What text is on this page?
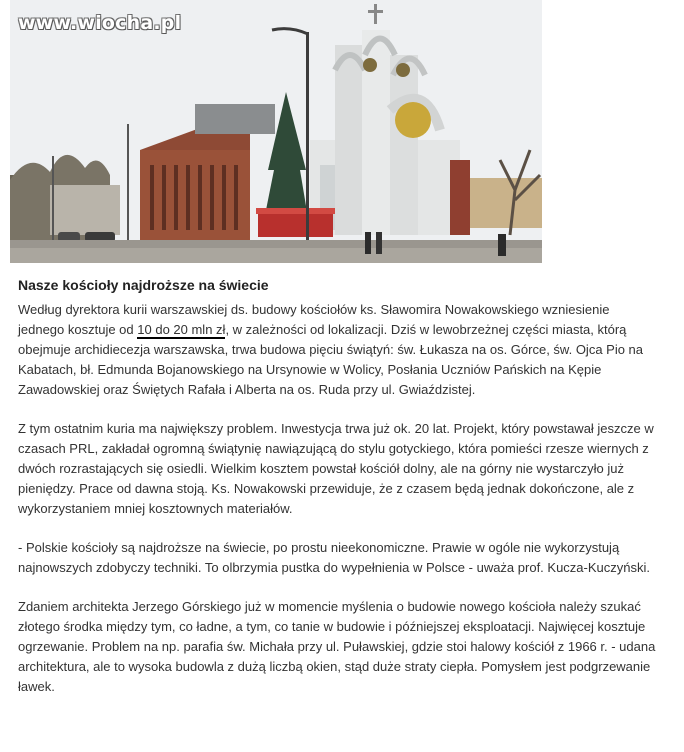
www.wiocha.pl
Nasze kościoły najdroższe na świecie

Według dyrektora kurii warszawskiej ds. budowy kościołów ks. Sławomira Nowakowskiego wzniesienie jednego kosztuje od 10 do 20 mln zł, w zależności od lokalizacji. Dziś w lewobrzeżnej części miasta, którą obejmuje archidiecezja warszawska, trwa budowa pięciu świątyń: św. Łukasza na os. Górce, św. Ojca Pio na Kabatach, bł. Edmunda Bojanowskiego na Ursynowie w Wolicy, Posłania Uczniów Pańskich na Kępie Zawadowskiej oraz Świętych Rafała i Alberta na os. Ruda przy ul. Gwiaździstej.

Z tym ostatnim kuria ma największy problem. Inwestycja trwa już ok. 20 lat. Projekt, który powstawał jeszcze w czasach PRL, zakładał ogromną świątynię nawiązującą do stylu gotyckiego, która pomieści rzesze wiernych z dwóch rozrastających się osiedli. Wielkim kosztem powstał kościół dolny, ale na górny nie wystarczyło już pieniędzy. Prace od dawna stoją. Ks. Nowakowski przewiduje, że z czasem będą jednak dokończone, ale z wykorzystaniem mniej kosztownych materiałów.

- Polskie kościoły są najdroższe na świecie, po prostu nieekonomiczne. Prawie w ogóle nie wykorzystują najnowszych zdobyczy techniki. To olbrzymia pustka do wypełnienia w Polsce - uważa prof. Kucza-Kuczyński.

Zdaniem architekta Jerzego Górskiego już w momencie myślenia o budowie nowego kościoła należy szukać złotego środka między tym, co ładne, a tym, co tanie w budowie i późniejszej eksploatacji. Najwięcej kosztuje ogrzewanie. Problem na np. parafia św. Michała przy ul. Puławskiej, gdzie stoi halowy kościół z 1966 r. - udana architektura, ale to wysoka budowla z dużą liczbą okien, stąd duże straty ciepła. Pomysłem jest podgrzewanie ławek.
